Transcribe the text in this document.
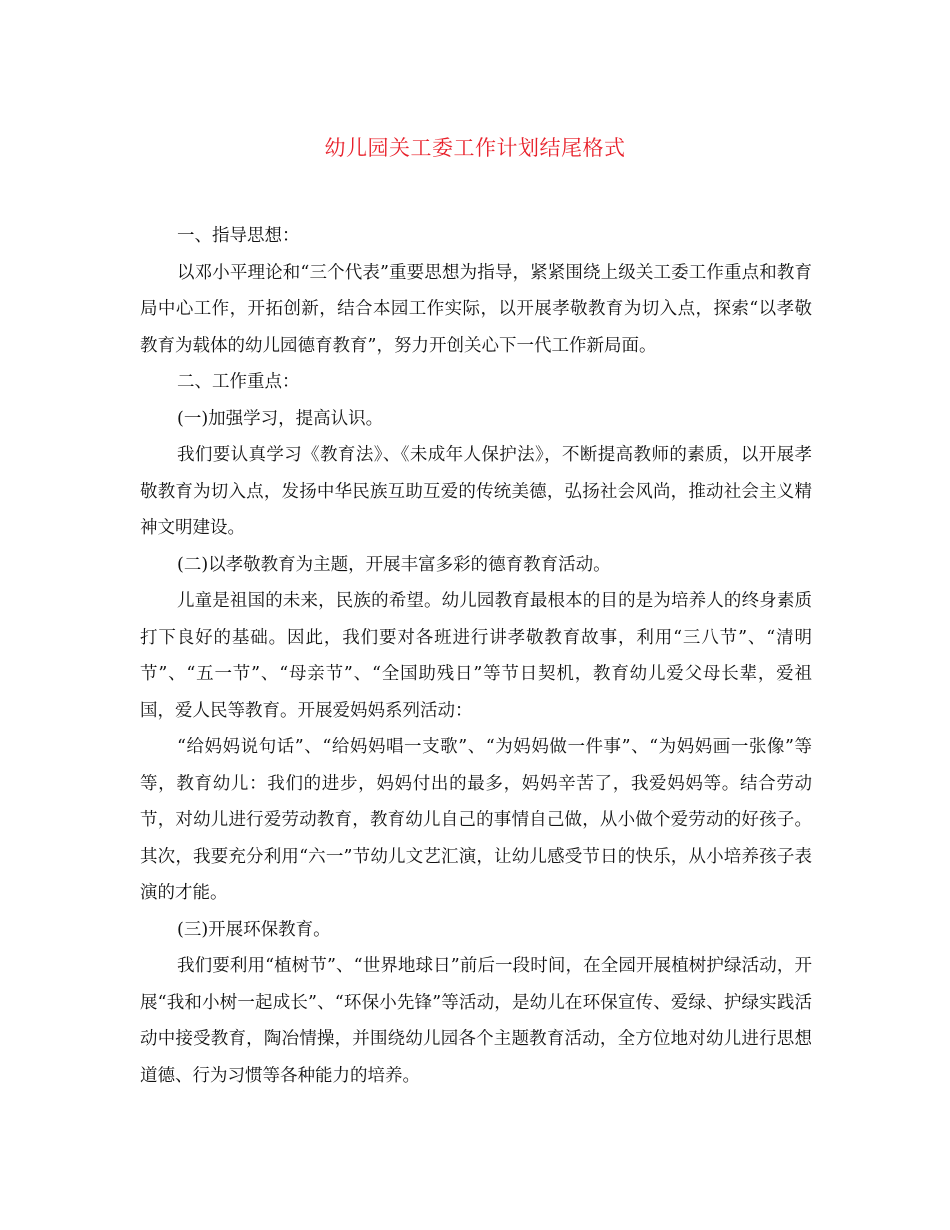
幼儿园关工委工作计划结尾格式

一、指导思想：

以邓小平理论和“三个代表”重要思想为指导，紧紧围绕上级关工委工作重点和教育局中心工作，开拓创新，结合本园工作实际，以开展孝敬教育为切入点，探索“以孝敬教育为载体的幼儿园德育教育”，努力开创关心下一代工作新局面。

二、工作重点：

(一)加强学习，提高认识。

我们要认真学习《教育法》、《未成年人保护法》，不断提高教师的素质，以开展孝敬教育为切入点，发扬中华民族互助互爱的传统美德，弘扬社会风尚，推动社会主义精神文明建设。

(二)以孝敬教育为主题，开展丰富多彩的德育教育活动。

儿童是祖国的未来，民族的希望。幼儿园教育最根本的目的是为培养人的终身素质打下良好的基础。因此，我们要对各班进行讲孝敬教育故事，利用“三八节”、“清明节”、“五一节”、“母亲节”、“全国助残日”等节日契机，教育幼儿爱父母长辈，爱祖国，爱人民等教育。开展爱妈妈系列活动：

“给妈妈说句话”、“给妈妈唱一支歌”、“为妈妈做一件事”、“为妈妈画一张像”等等，教育幼儿：我们的进步，妈妈付出的最多，妈妈辛苦了，我爱妈妈等。结合劳动节，对幼儿进行爱劳动教育，教育幼儿自己的事情自己做，从小做个爱劳动的好孩子。其次，我要充分利用“六一”节幼儿文艺汇演，让幼儿感受节日的快乐，从小培养孩子表演的才能。

(三)开展环保教育。

我们要利用“植树节”、“世界地球日”前后一段时间，在全园开展植树护绿活动，开展“我和小树一起成长”、“环保小先锋”等活动，是幼儿在环保宣传、爱绿、护绿实践活动中接受教育，陶冶情操，并围绕幼儿园各个主题教育活动，全方位地对幼儿进行思想道德、行为习惯等各种能力的培养。
